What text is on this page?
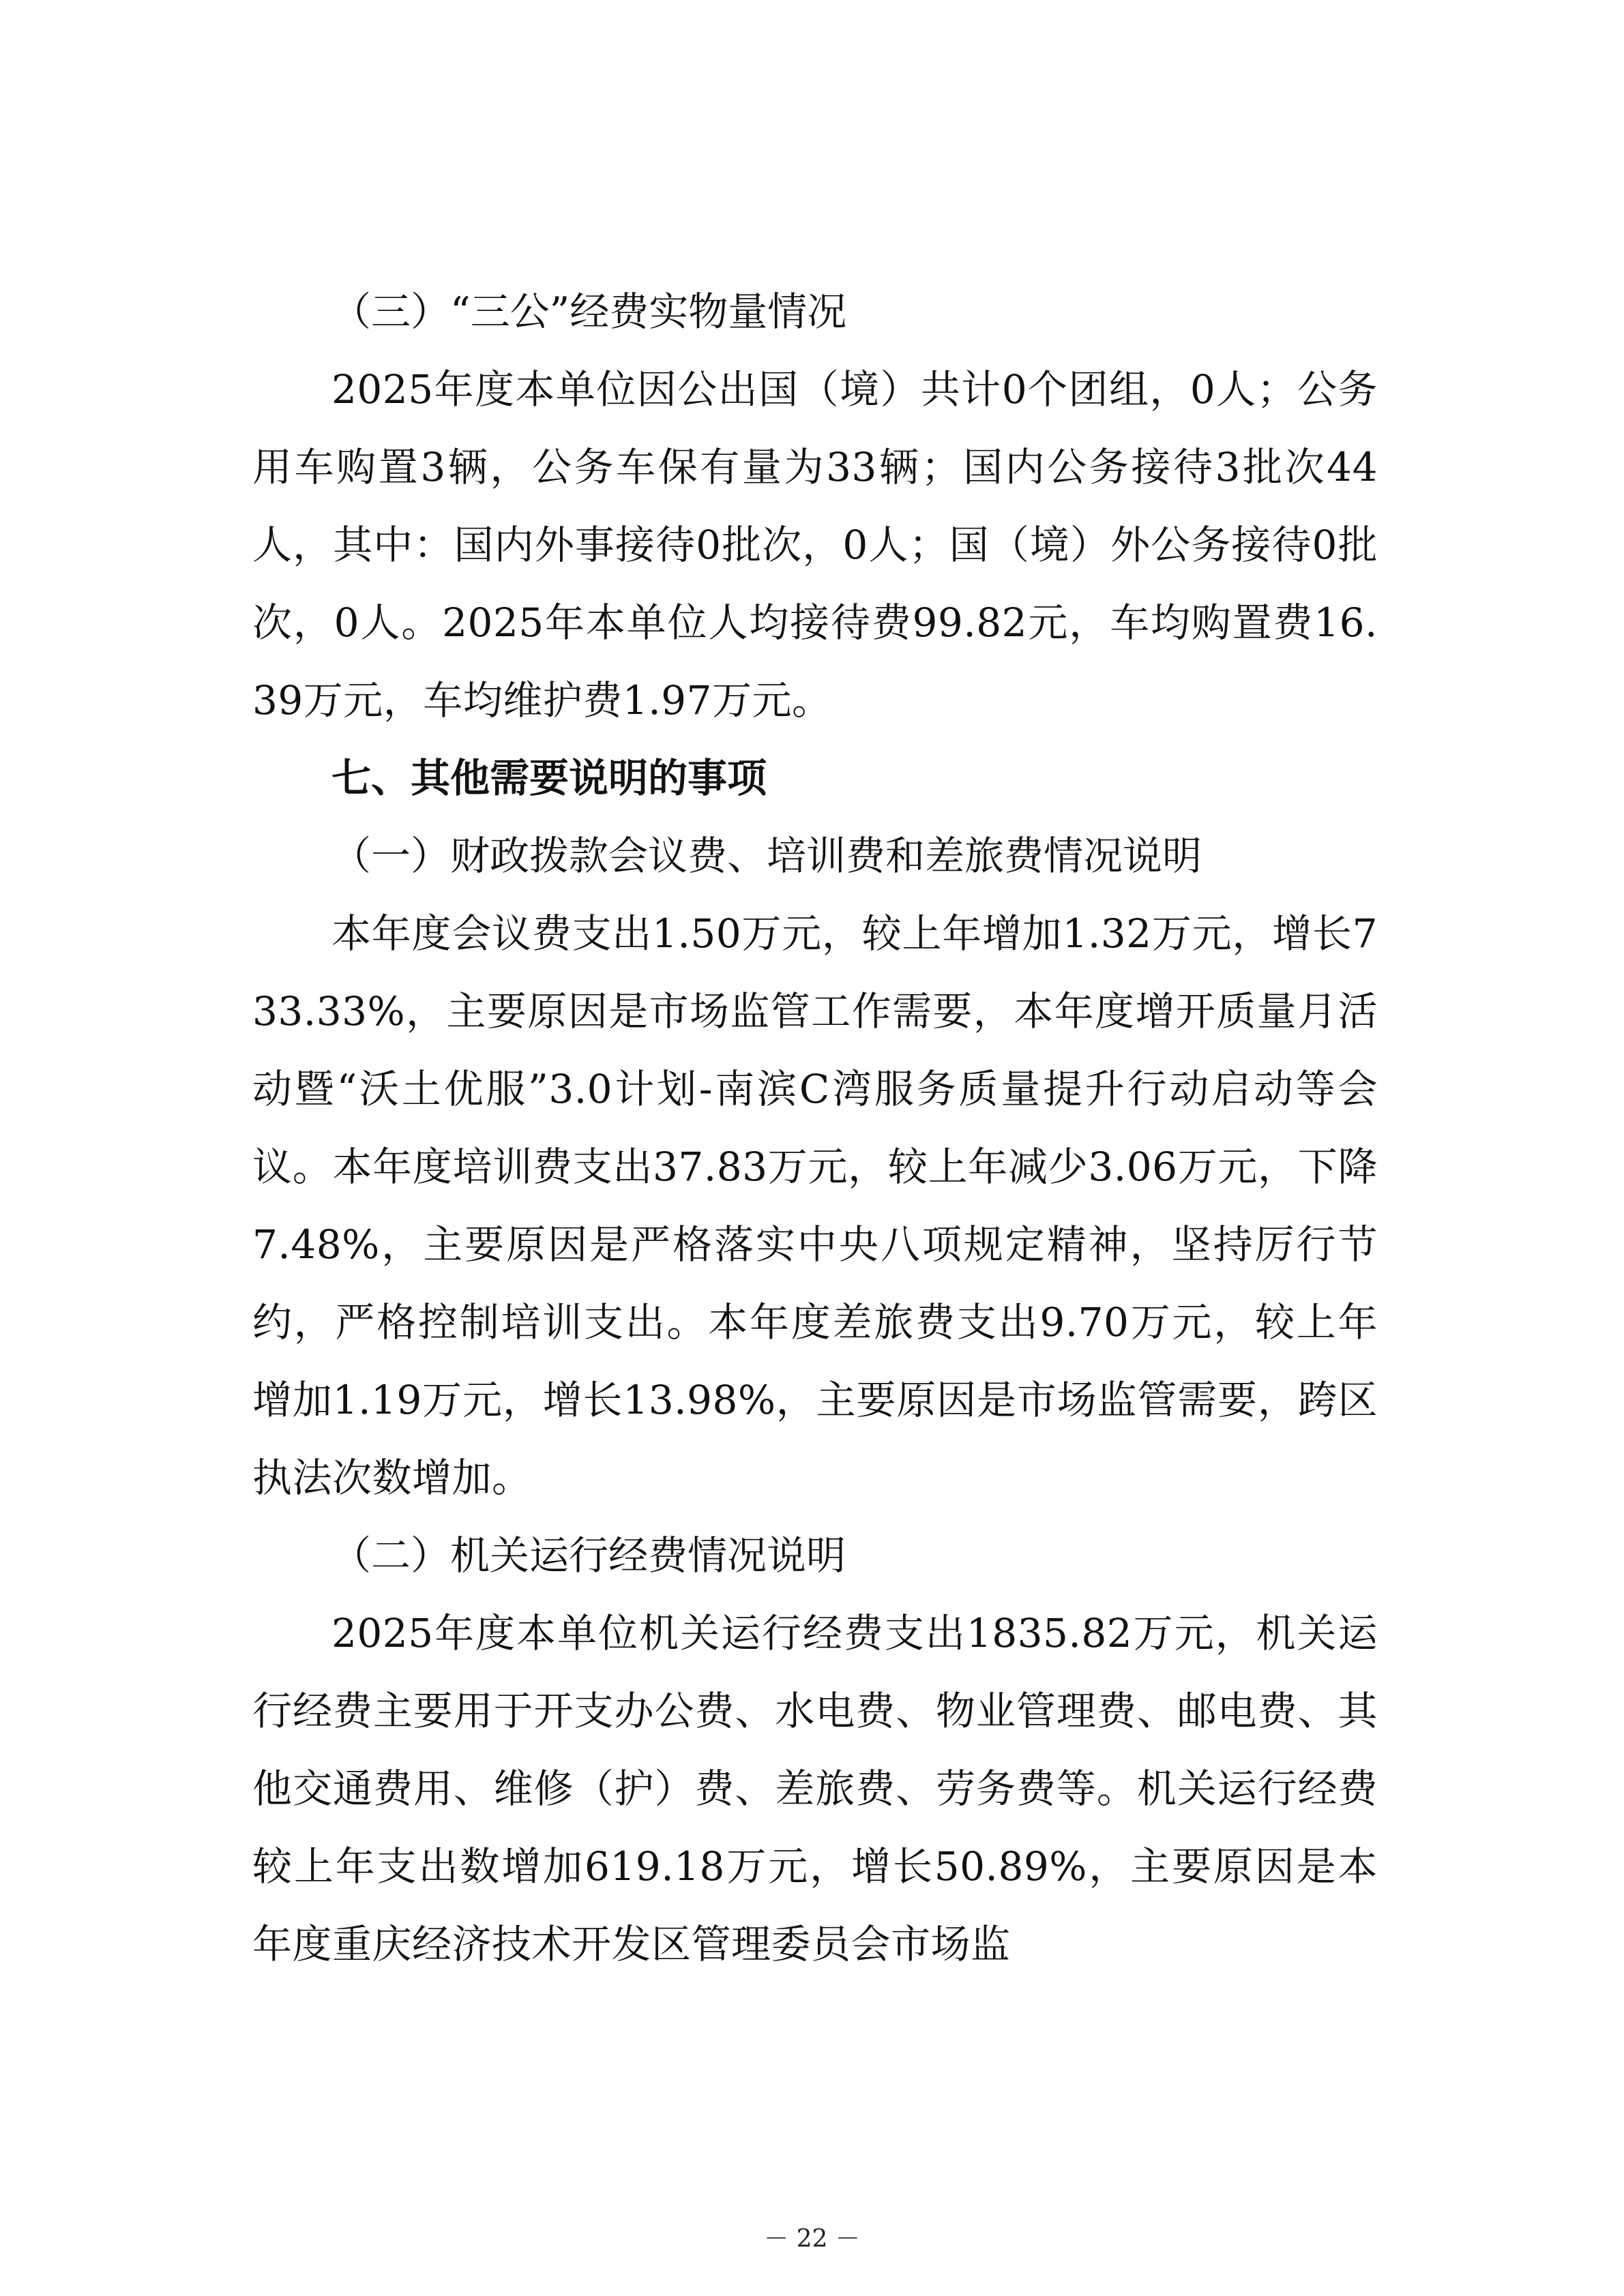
（三）“三公”经费实物量情况

2025年度本单位因公出国（境）共计0个团组，0人；公务用车购置3辆，公务车保有量为33辆；国内公务接待3批次44人，其中：国内外事接待0批次，0人；国（境）外公务接待0批次，0人。2025年本单位人均接待费99.82元，车均购置费16.39万元，车均维护费1.97万元。

七、其他需要说明的事项

（一）财政拨款会议费、培训费和差旅费情况说明

本年度会议费支出1.50万元，较上年增加1.32万元，增长733.33%，主要原因是市场监管工作需要，本年度增开质量月活动暨“沃土优服”3.0计划-南滨C湾服务质量提升行动启动等会议。本年度培训费支出37.83万元，较上年减少3.06万元，下降7.48%，主要原因是严格落实中央八项规定精神，坚持厉行节约，严格控制培训支出。本年度差旅费支出9.70万元，较上年增加1.19万元，增长13.98%，主要原因是市场监管需要，跨区执法次数增加。

（二）机关运行经费情况说明

2025年度本单位机关运行经费支出1835.82万元，机关运行经费主要用于开支办公费、水电费、物业管理费、邮电费、其他交通费用、维修（护）费、差旅费、劳务费等。机关运行经费较上年支出数增加619.18万元，增长50.89%，主要原因是本年度重庆经济技术开发区管理委员会市场监

－ 22 －
